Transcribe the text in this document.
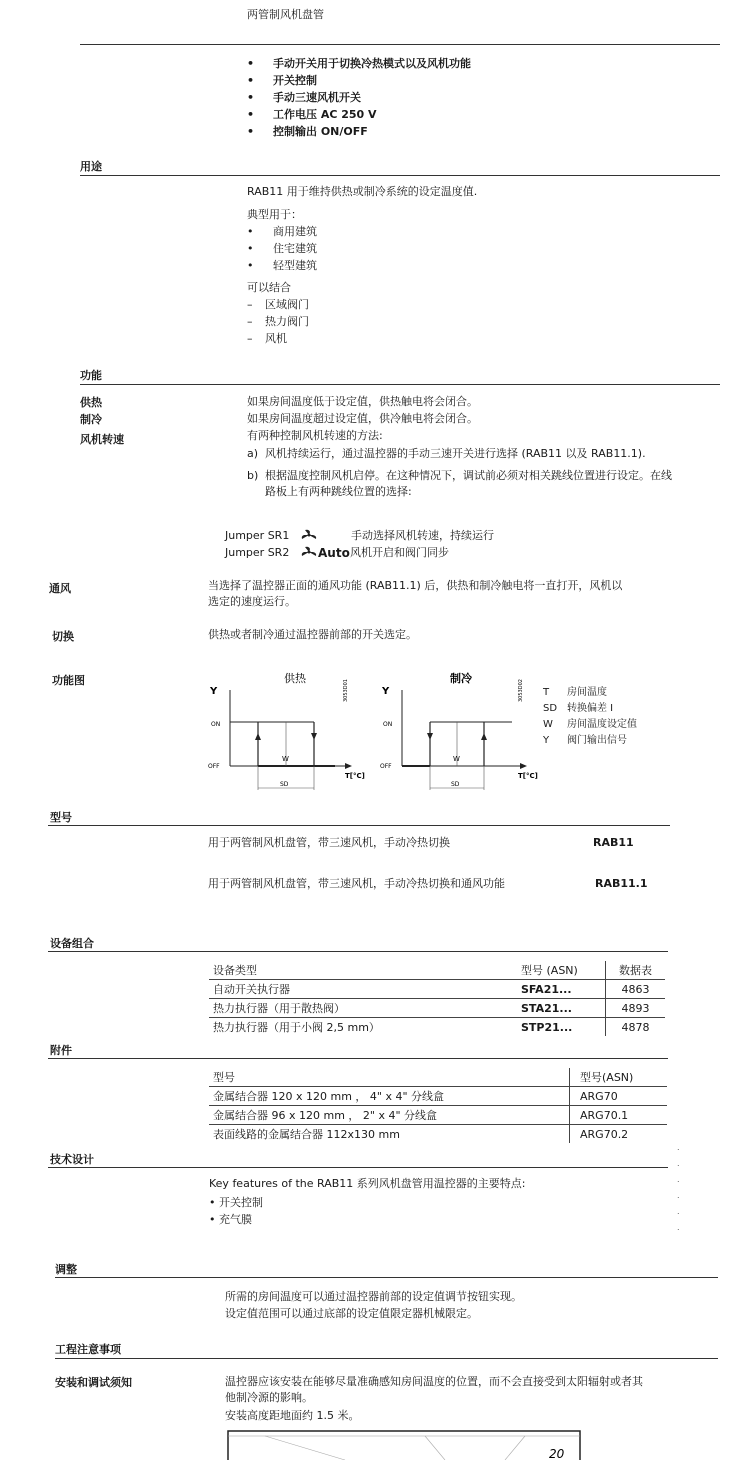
两管制风机盘管
• 手动开关用于切换冷热模式以及风机功能
• 开关控制
• 手动三速风机开关
• 工作电压 AC 250 V
• 控制输出 ON/OFF
用途
RAB11 用于维持供热或制冷系统的设定温度值.
典型用于：
• 商用建筑
• 住宅建筑
• 轻型建筑
可以结合
– 区域阀门
– 热力阀门
– 风机
功能
供热	如果房间温度低于设定值，供热触电将会闭合。
制冷	如果房间温度超过设定值，供冷触电将会闭合。
风机转速	有两种控制风机转速的方法:
a) 风机持续运行，通过温控器的手动三速开关进行选择 (RAB11 以及 RAB11.1).
b) 根据温度控制风机启停。在这种情况下，调试前必须对相关跳线位置进行设定。在线
路板上有两种跳线位置的选择:
Jumper SR1	手动选择风机转速，持续运行
Jumper SR2 Auto 风机开启和阀门同步
通风	当选择了温控器正面的通风功能 (RAB11.1) 后，供热和制冷触电将一直打开，风机以
选定的速度运行。
切换	供热或者制冷通过温控器前部的开关选定。
功能图	供热
Y	3053D01
ON
OFF
W
SD
T[°C]
制冷
Y	3053D02
ON
OFF
W
SD
T[°C]
T	房间温度
SD 转换偏差 I
W	房间温度设定值
Y	阀门输出信号
型号
用于两管制风机盘管，带三速风机，手动冷热切换	RAB11
用于两管制风机盘管，带三速风机，手动冷热切换和通风功能	RAB11.1
设备组合
设备类型	型号 (ASN)	数据表
自动开关执行器	SFA21...	4863
热力执行器（用于散热阀）	STA21...	4893
热力执行器（用于小阀 2,5 mm）	STP21...	4878
附件
型号	型号(ASN)
金属结合器 120 x 120 mm ， 4" x 4" 分线盒	ARG70
金属结合器 96 x 120 mm ， 2" x 4" 分线盒	ARG70.1
表面线路的金属结合器 112x130 mm	ARG70.2
技术设计
Key features of the RAB11 系列风机盘管用温控器的主要特点:
• 开关控制
• 充气膜
.
.
.
.
.
.
调整
所需的房间温度可以通过温控器前部的设定值调节按钮实现。
设定值范围可以通过底部的设定值限定器机械限定。
工程注意事项
安装和调试须知	温控器应该安装在能够尽量准确感知房间温度的位置，而不会直接受到太阳辐射或者其
他制冷源的影响。
安装高度距地面约 1.5 米。
20
